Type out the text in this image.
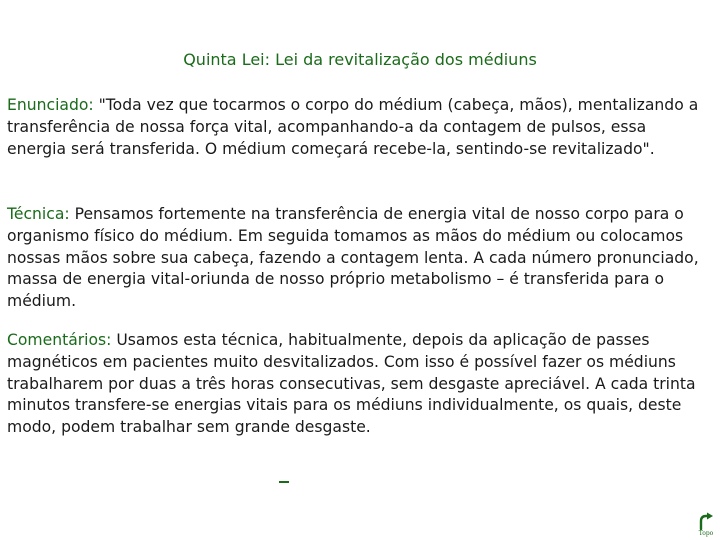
Quinta Lei: Lei da revitalização dos médiuns
Enunciado: "Toda vez que tocarmos o corpo do médium (cabeça, mãos), mentalizando a transferência de nossa força vital, acompanhando-a da contagem de pulsos, essa energia será transferida. O médium começará recebe-la, sentindo-se revitalizado".
Técnica: Pensamos fortemente na transferência de energia vital de nosso corpo para o organismo físico do médium. Em seguida tomamos as mãos do médium ou colocamos nossas mãos sobre sua cabeça, fazendo a contagem lenta. A cada número pronunciado, massa de energia vital-oriunda de nosso próprio metabolismo – é transferida para o médium.
Comentários: Usamos esta técnica, habitualmente, depois da aplicação de passes magnéticos em pacientes muito desvitalizados. Com isso é possível fazer os médiuns trabalharem por duas a três horas consecutivas, sem desgaste apreciável. A cada trinta minutos transfere-se energias vitais para os médiuns individualmente, os quais, deste modo, podem trabalhar sem grande desgaste.
Topo
